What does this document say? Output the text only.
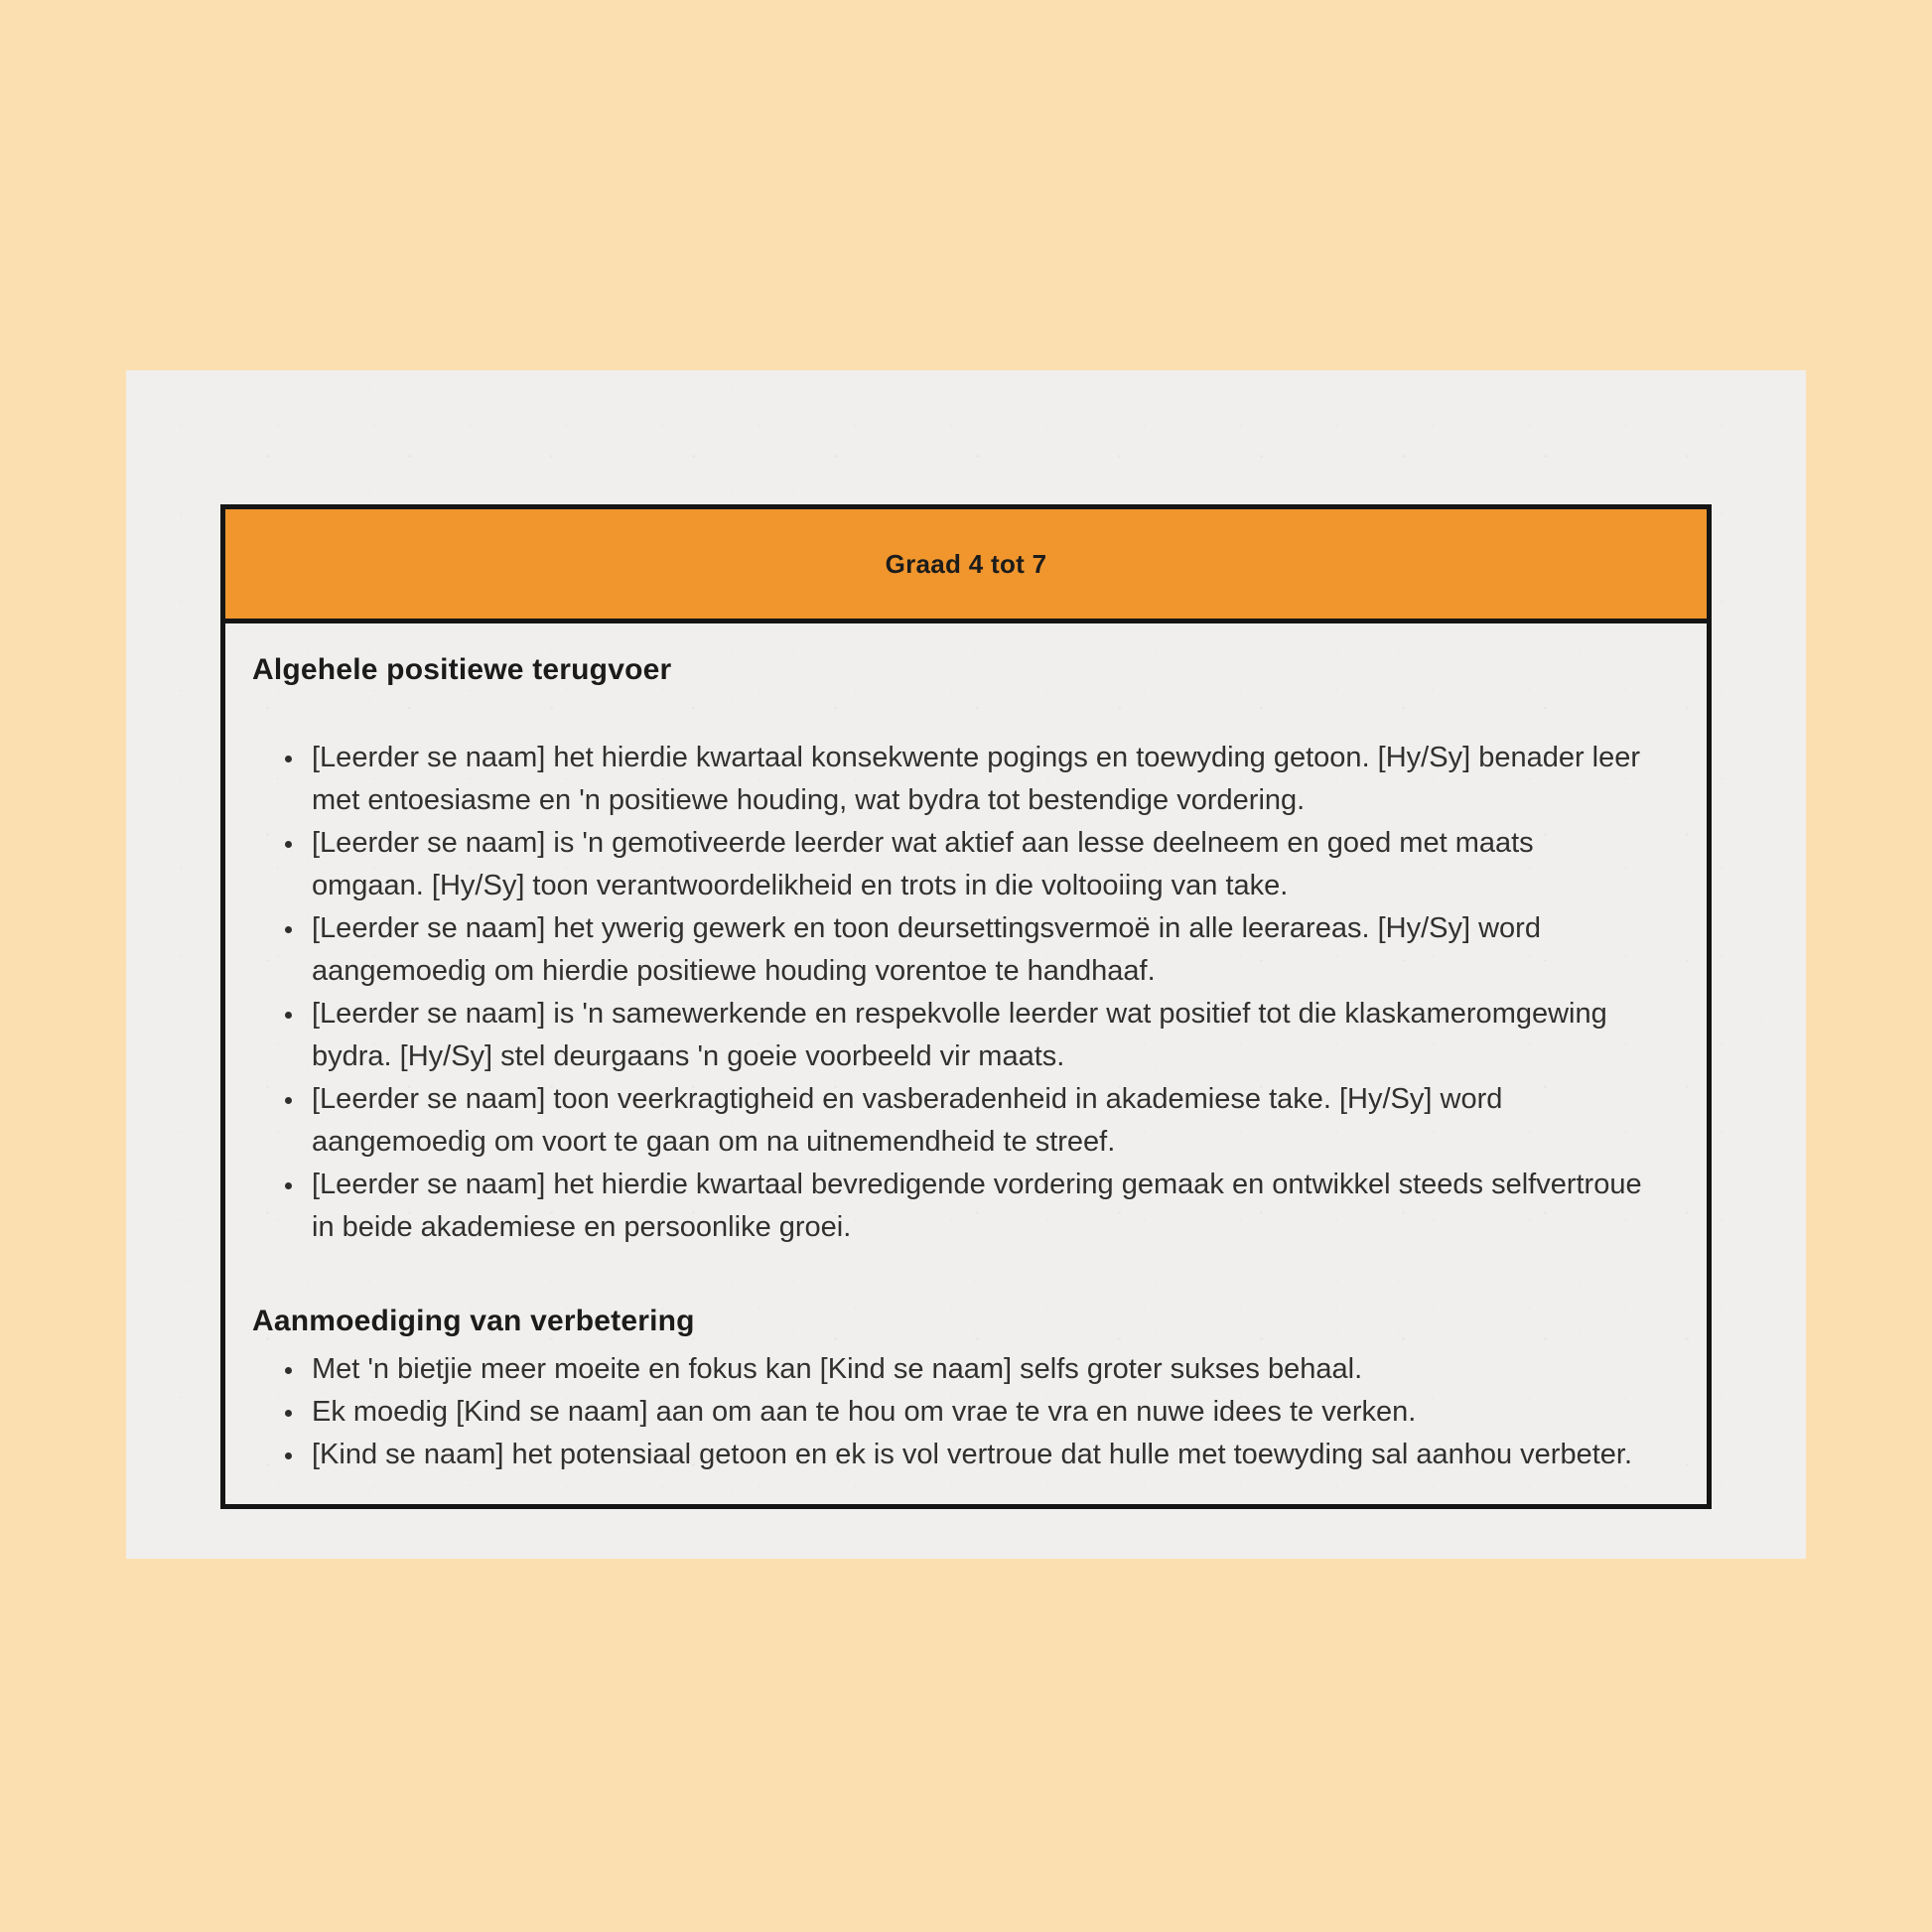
Graad 4 tot 7
Algehele positiewe terugvoer
• [Leerder se naam] het hierdie kwartaal konsekwente pogings en toewyding getoon. [Hy/Sy] benader leer met entoesiasme en 'n positiewe houding, wat bydra tot bestendige vordering.
• [Leerder se naam] is 'n gemotiveerde leerder wat aktief aan lesse deelneem en goed met maats omgaan. [Hy/Sy] toon verantwoordelikheid en trots in die voltooiing van take.
• [Leerder se naam] het ywerig gewerk en toon deursettingsvermoë in alle leerareas. [Hy/Sy] word aangemoedig om hierdie positiewe houding vorentoe te handhaaf.
• [Leerder se naam] is 'n samewerkende en respekvolle leerder wat positief tot die klaskameromgewing bydra. [Hy/Sy] stel deurgaans 'n goeie voorbeeld vir maats.
• [Leerder se naam] toon veerkragtigheid en vasberadenheid in akademiese take. [Hy/Sy] word aangemoedig om voort te gaan om na uitnemendheid te streef.
• [Leerder se naam] het hierdie kwartaal bevredigende vordering gemaak en ontwikkel steeds selfvertroue in beide akademiese en persoonlike groei.
Aanmoediging van verbetering
• Met 'n bietjie meer moeite en fokus kan [Kind se naam] selfs groter sukses behaal.
• Ek moedig [Kind se naam] aan om aan te hou om vrae te vra en nuwe idees te verken.
• [Kind se naam] het potensiaal getoon en ek is vol vertroue dat hulle met toewyding sal aanhou verbeter.
